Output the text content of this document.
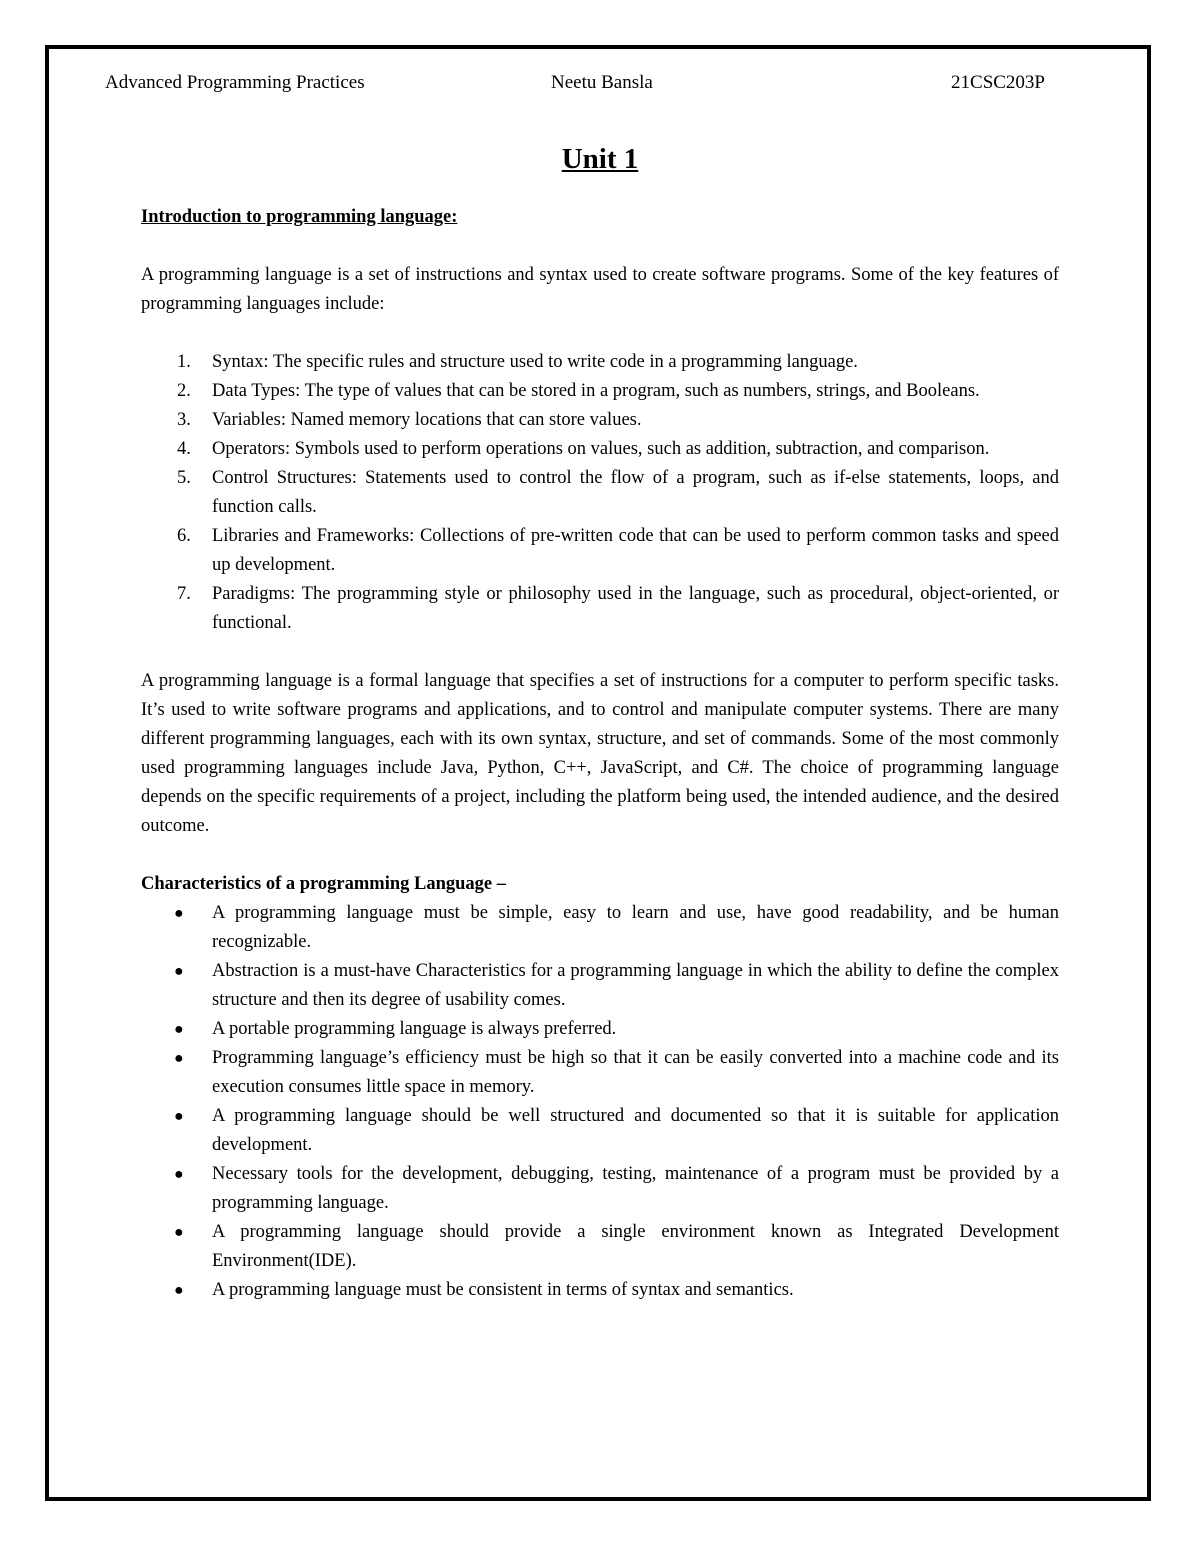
Advanced Programming Practices	Neetu Bansla	21CSC203P
Unit 1

Introduction to programming language:

A programming language is a set of instructions and syntax used to create software programs. Some of the key features of programming languages include:

1. Syntax: The specific rules and structure used to write code in a programming language.
2. Data Types: The type of values that can be stored in a program, such as numbers, strings, and Booleans.
3. Variables: Named memory locations that can store values.
4. Operators: Symbols used to perform operations on values, such as addition, subtraction, and comparison.
5. Control Structures: Statements used to control the flow of a program, such as if-else statements, loops, and function calls.
6. Libraries and Frameworks: Collections of pre-written code that can be used to perform common tasks and speed up development.
7. Paradigms: The programming style or philosophy used in the language, such as procedural, object-oriented, or functional.

A programming language is a formal language that specifies a set of instructions for a computer to perform specific tasks. It’s used to write software programs and applications, and to control and manipulate computer systems. There are many different programming languages, each with its own syntax, structure, and set of commands. Some of the most commonly used programming languages include Java, Python, C++, JavaScript, and C#. The choice of programming language depends on the specific requirements of a project, including the platform being used, the intended audience, and the desired outcome.

Characteristics of a programming Language –

● A programming language must be simple, easy to learn and use, have good readability, and be human recognizable.
● Abstraction is a must-have Characteristics for a programming language in which the ability to define the complex structure and then its degree of usability comes.
● A portable programming language is always preferred.
● Programming language’s efficiency must be high so that it can be easily converted into a machine code and its execution consumes little space in memory.
● A programming language should be well structured and documented so that it is suitable for application development.
● Necessary tools for the development, debugging, testing, maintenance of a program must be provided by a programming language.
● A programming language should provide a single environment known as Integrated Development Environment(IDE).
● A programming language must be consistent in terms of syntax and semantics.
